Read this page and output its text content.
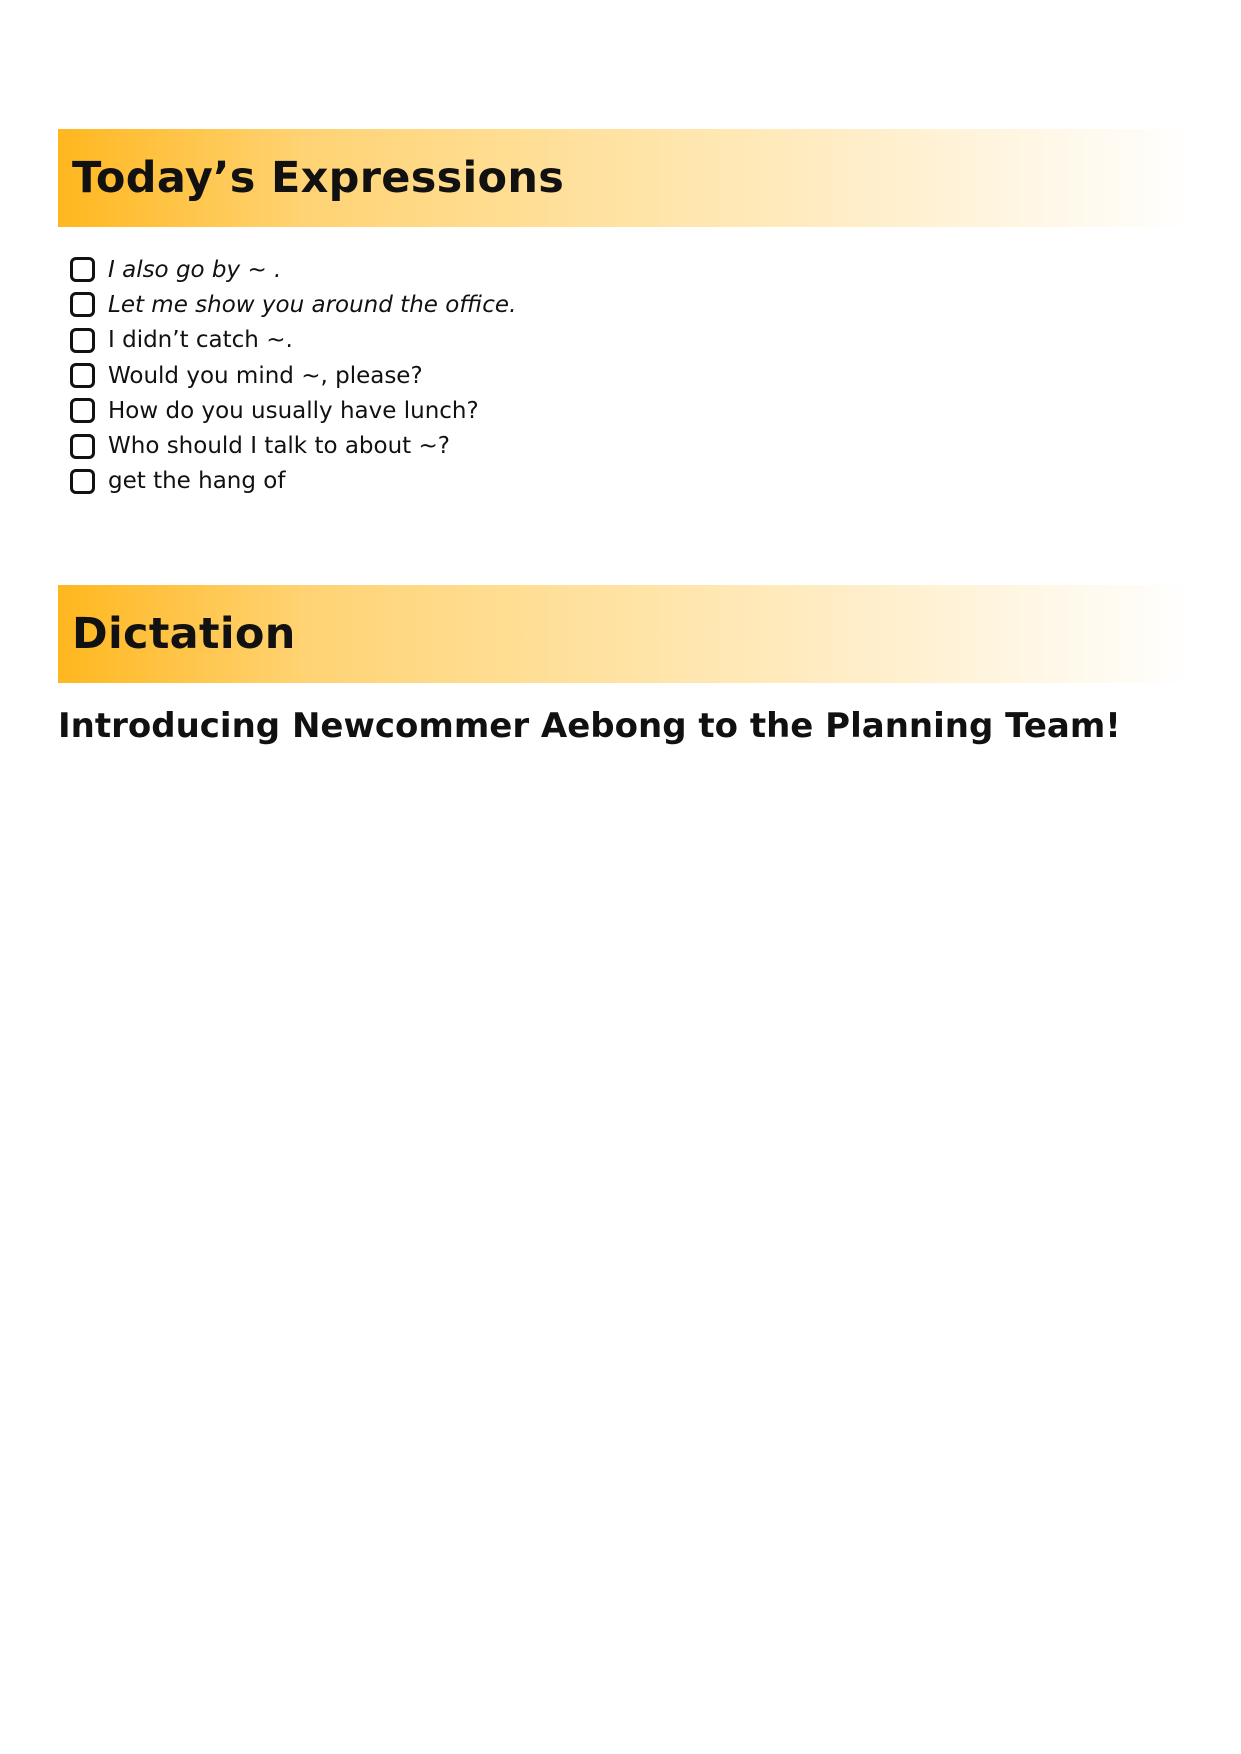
Today’s Expressions
I also go by ~ .
Let me show you around the office.
I didn’t catch ~.
Would you mind ~, please?
How do you usually have lunch?
Who should I talk to about ~?
get the hang of
Dictation
Introducing Newcommer Aebong to the Planning Team!
